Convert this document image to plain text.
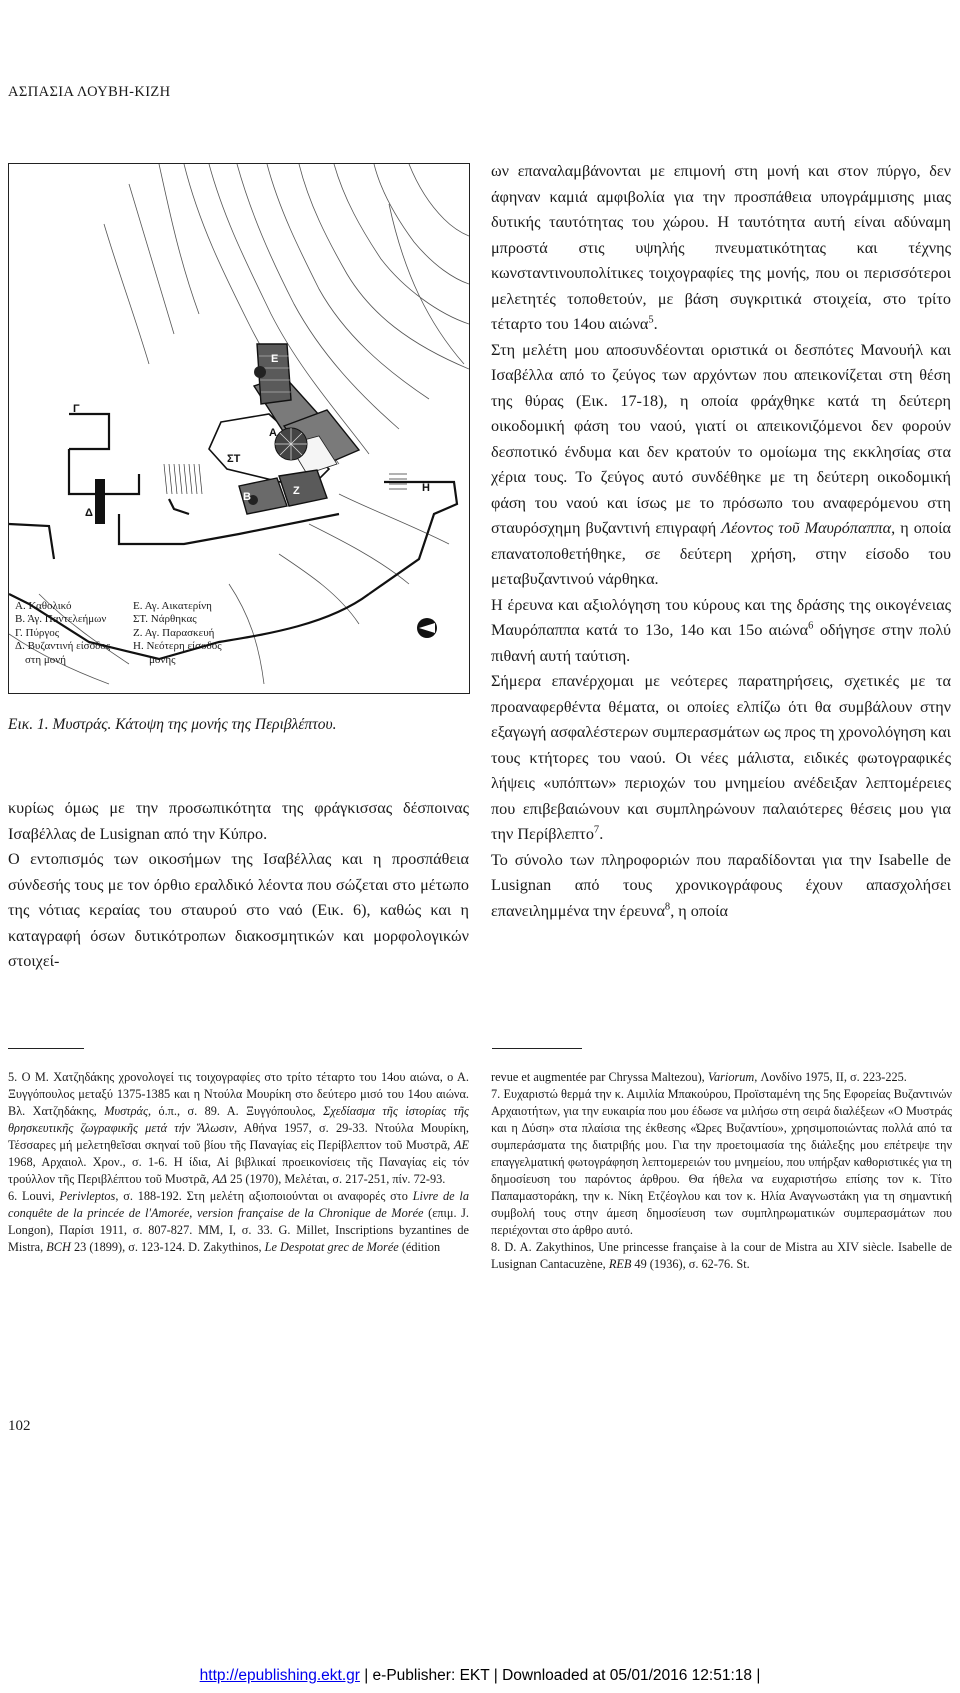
ΑΣΠΑΣΙΑ ΛΟΥΒΗ-ΚΙΖΗ
Γ
Δ
Α
Ε
ΣΤ
Β	Ζ	Η
Α. Καθολικό
Β. Άγ. Παντελεήμων
Γ. Πύργος
Δ. Βυζαντινή είσοδος
στη μονή
Ε. Αγ. Αικατερίνη
ΣΤ. Νάρθηκας
Ζ. Αγ. Παρασκευή
Η. Νεότερη είσοδος
μονής
Εικ. 1. Μυστράς. Κάτοψη της μονής της Περιβλέπτου.

κυρίως όμως με την προσωπικότητα της φράγκισσας δέσποινας Ισαβέλλας de Lusignan από την Κύπρο.

Ο εντοπισμός των οικοσήμων της Ισαβέλλας και η προσπάθεια σύνδεσής τους με τον όρθιο εραλδικό λέοντα που σώζεται στο μέτωπο της νότιας κεραίας του σταυρού στο ναό (Εικ. 6), καθώς και η καταγραφή όσων δυτικότροπων διακοσμητικών και μορφολογικών στοιχεί-

ων επαναλαμβάνονται με επιμονή στη μονή και στον πύργο, δεν άφηναν καμιά αμφιβολία για την προσπάθεια υπογράμμισης μιας δυτικής ταυτότητας του χώρου. Η ταυτότητα αυτή είναι αδύναμη μπροστά στις υψηλής πνευματικότητας και τέχνης κωνσταντινουπολίτικες τοιχογραφίες της μονής, που οι περισσότεροι μελετητές τοποθετούν, με βάση συγκριτικά στοιχεία, στο τρίτο τέταρτο του 14ου αιώνα$^5$.

Στη μελέτη μου αποσυνδέονται οριστικά οι δεσπότες Μανουήλ και Ισαβέλλα από το ζεύγος των αρχόντων που απεικονίζεται στη θέση της θύρας (Εικ. 17-18), η οποία φράχθηκε κατά τη δεύτερη οικοδομική φάση του ναού, γιατί οι απεικονιζόμενοι δεν φορούν δεσποτικό ένδυμα και δεν κρατούν το ομοίωμα της εκκλησίας στα χέρια τους. Το ζεύγος αυτό συνδέθηκε με τη δεύτερη οικοδομική φάση του ναού και ίσως με το πρόσωπο του αναφερόμενου στη σταυρόσχημη βυζαντινή επιγραφή Λέοντος τοῦ Μαυρόπαππα, η οποία επανατοποθετήθηκε, σε δεύτερη χρήση, στην είσοδο του μεταβυζαντινού νάρθηκα.

Η έρευνα και αξιολόγηση του κύρους και της δράσης της οικογένειας Μαυρόπαππα κατά το 13ο, 14ο και 15ο αιώνα$^6$ οδήγησε στην πολύ πιθανή αυτή ταύτιση.

Σήμερα επανέρχομαι με νεότερες παρατηρήσεις, σχετικές με τα προαναφερθέντα θέματα, οι οποίες ελπίζω ότι θα συμβάλουν στην εξαγωγή ασφαλέστερων συμπερασμάτων ως προς τη χρονολόγηση και τους κτήτορες του ναού. Οι νέες μάλιστα, ειδικές φωτογραφικές λήψεις «υπόπτων» περιοχών του μνημείου ανέδειξαν λεπτομέρειες που επιβεβαιώνουν και συμπληρώνουν παλαιότερες θέσεις μου για την Περίβλεπτο$^7$.

Το σύνολο των πληροφοριών που παραδίδονται για την Isabelle de Lusignan από τους χρονικογράφους έχουν απασχολήσει επανειλημμένα την έρευνα$^8$, η οποία

5. Ο Μ. Χατζηδάκης χρονολογεί τις τοιχογραφίες στο τρίτο τέταρτο του 14ου αιώνα, ο Α. Ξυγγόπουλος μεταξύ 1375-1385 και η Ντούλα Μουρίκη στο δεύτερο μισό του 14ου αιώνα. Βλ. Χατζηδάκης, Μυστράς, ό.π., σ. 89. Α. Ξυγγόπουλος, Σχεδίασμα τῆς ἱστορίας τῆς θρησκευτικῆς ζωγραφικῆς μετά τήν Ἅλωσιν, Αθήνα 1957, σ. 29-33. Ντούλα Μουρίκη, Τέσσαρες μή μελετηθεῖσαι σκηναί τοῦ βίου τῆς Παναγίας εἰς Περίβλεπτον τοῦ Μυστρᾶ, ΑΕ 1968, Αρχαιολ. Χρον., σ. 1-6. Η ίδια, Αἱ βιβλικαί προεικονίσεις τῆς Παναγίας εἰς τόν τρούλλον τῆς Περιβλέπτου τοῦ Μυστρᾶ, ΑΔ 25 (1970), Μελέται, σ. 217-251, πίν. 72-93.

6. Louvi, Perivleptos, σ. 188-192. Στη μελέτη αξιοποιούνται οι αναφορές στο Livre de la conquête de la princée de l'Amorée, version française de la Chronique de Morée (επιμ. J. Longon), Παρίσι 1911, σ. 807-827. MM, I, σ. 33. G. Millet, Inscriptions byzantines de Mistra, BCH 23 (1899), σ. 123-124. D. Zakythinos, Le Despotat grec de Morée (édition

revue et augmentée par Chryssa Maltezou), Variorum, Λονδίνο 1975, II, σ. 223-225.

7. Ευχαριστώ θερμά την κ. Αιμιλία Μπακούρου, Προϊσταμένη της 5ης Εφορείας Βυζαντινών Αρχαιοτήτων, για την ευκαιρία που μου έδωσε να μιλήσω στη σειρά διαλέξεων «Ο Μυστράς και η Δύση» στα πλαίσια της έκθεσης «Ώρες Βυζαντίου», χρησιμοποιώντας πολλά από τα συμπεράσματα της διατριβής μου. Για την προετοιμασία της διάλεξης μου επέτρεψε την επαγγελματική φωτογράφηση λεπτομερειών του μνημείου, που υπήρξαν καθοριστικές για τη δημοσίευση του παρόντος άρθρου. Θα ήθελα να ευχαριστήσω επίσης τον κ. Τίτο Παπαμαστοράκη, την κ. Νίκη Ετζέογλου και τον κ. Ηλία Αναγνωστάκη για τη σημαντική συμβολή τους στην άμεση δημοσίευση των συμπληρωματικών συμπερασμάτων που περιέχονται στο άρθρο αυτό.

8. D. A. Zakythinos, Une princesse française à la cour de Mistra au XIV siècle. Isabelle de Lusignan Cantacuzène, REB 49 (1936), σ. 62-76. St.

102
http://epublishing.ekt.gr | e-Publisher: EKT | Downloaded at 05/01/2016 12:51:18 |
